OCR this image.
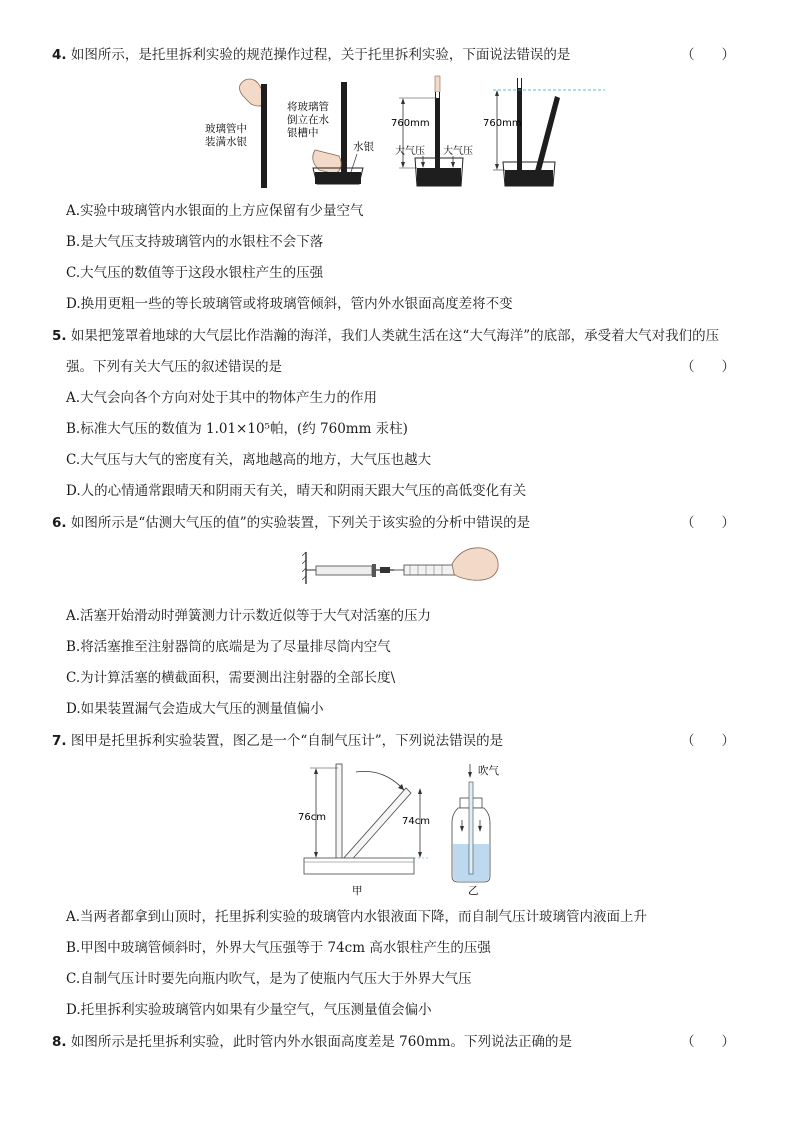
4. 如图所示，是托里拆利实验的规范操作过程，关于托里拆利实验，下面说法错误的是	（　　）
玻璃管中
装满水银
将玻璃管
倒立在水
银槽中
水银
760mm
大气压 大气压
760mm
A.实验中玻璃管内水银面的上方应保留有少量空气
B.是大气压支持玻璃管内的水银柱不会下落
C.大气压的数值等于这段水银柱产生的压强
D.换用更粗一些的等长玻璃管或将玻璃管倾斜，管内外水银面高度差将不变
5. 如果把笼罩着地球的大气层比作浩瀚的海洋，我们人类就生活在这“大气海洋”的底部，承受着大气对我们的压
强。下列有关大气压的叙述错误的是	（　　）
A.大气会向各个方向对处于其中的物体产生力的作用
B.标准大气压的数值为 1.01×10⁵帕，(约 760mm 汞柱)
C.大气压与大气的密度有关，离地越高的地方，大气压也越大
D.人的心情通常跟晴天和阴雨天有关，晴天和阴雨天跟大气压的高低变化有关
6. 如图所示是“估测大气压的值”的实验装置，下列关于该实验的分析中错误的是	（　　）
A.活塞开始滑动时弹簧测力计示数近似等于大气对活塞的压力
B.将活塞推至注射器筒的底端是为了尽量排尽筒内空气
C.为计算活塞的横截面积，需要测出注射器的全部长度\
D.如果装置漏气会造成大气压的测量值偏小
7. 图甲是托里拆利实验装置，图乙是一个“自制气压计”，下列说法错误的是	（　　）
76cm	74cm
甲
吹气
乙
A.当两者都拿到山顶时，托里拆利实验的玻璃管内水银液面下降，而自制气压计玻璃管内液面上升
B.甲图中玻璃管倾斜时，外界大气压强等于 74cm 高水银柱产生的压强
C.自制气压计时要先向瓶内吹气，是为了使瓶内气压大于外界大气压
D.托里拆利实验玻璃管内如果有少量空气，气压测量值会偏小
8. 如图所示是托里拆利实验，此时管内外水银面高度差是 760mm。下列说法正确的是	（　　）
